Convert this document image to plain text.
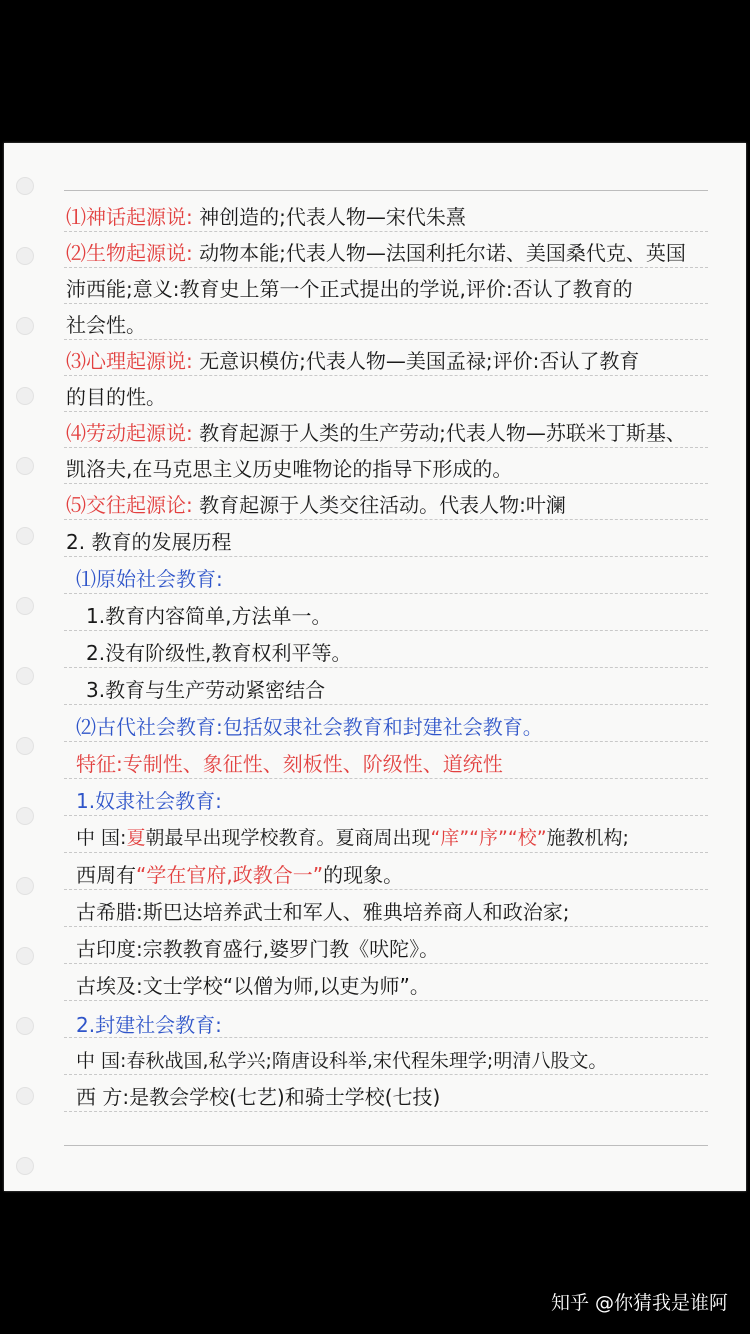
⑴神话起源说: 神创造的;代表人物—宋代朱熹
⑵生物起源说: 动物本能;代表人物—法国利托尔诺、美国桑代克、英国
沛西能;意义:教育史上第一个正式提出的学说,评价:否认了教育的
社会性。
⑶心理起源说: 无意识模仿;代表人物—美国孟禄;评价:否认了教育
的目的性。
⑷劳动起源说: 教育起源于人类的生产劳动;代表人物—苏联米丁斯基、
凯洛夫,在马克思主义历史唯物论的指导下形成的。
⑸交往起源论: 教育起源于人类交往活动。代表人物:叶澜
2. 教育的发展历程
⑴原始社会教育:
1.教育内容简单,方法单一。
2.没有阶级性,教育权利平等。
3.教育与生产劳动紧密结合
⑵古代社会教育:包括奴隶社会教育和封建社会教育。
特征:专制性、象征性、刻板性、阶级性、道统性
1.奴隶社会教育:
中 国:夏朝最早出现学校教育。夏商周出现“庠”“序”“校”施教机构;
西周有“学在官府,政教合一”的现象。
古希腊:斯巴达培养武士和军人、雅典培养商人和政治家;
古印度:宗教教育盛行,婆罗门教《吠陀》。
古埃及:文士学校“以僧为师,以吏为师”。
2.封建社会教育:
中 国:春秋战国,私学兴;隋唐设科举,宋代程朱理学;明清八股文。
西 方:是教会学校(七艺)和骑士学校(七技)
知乎 @你猜我是谁阿
